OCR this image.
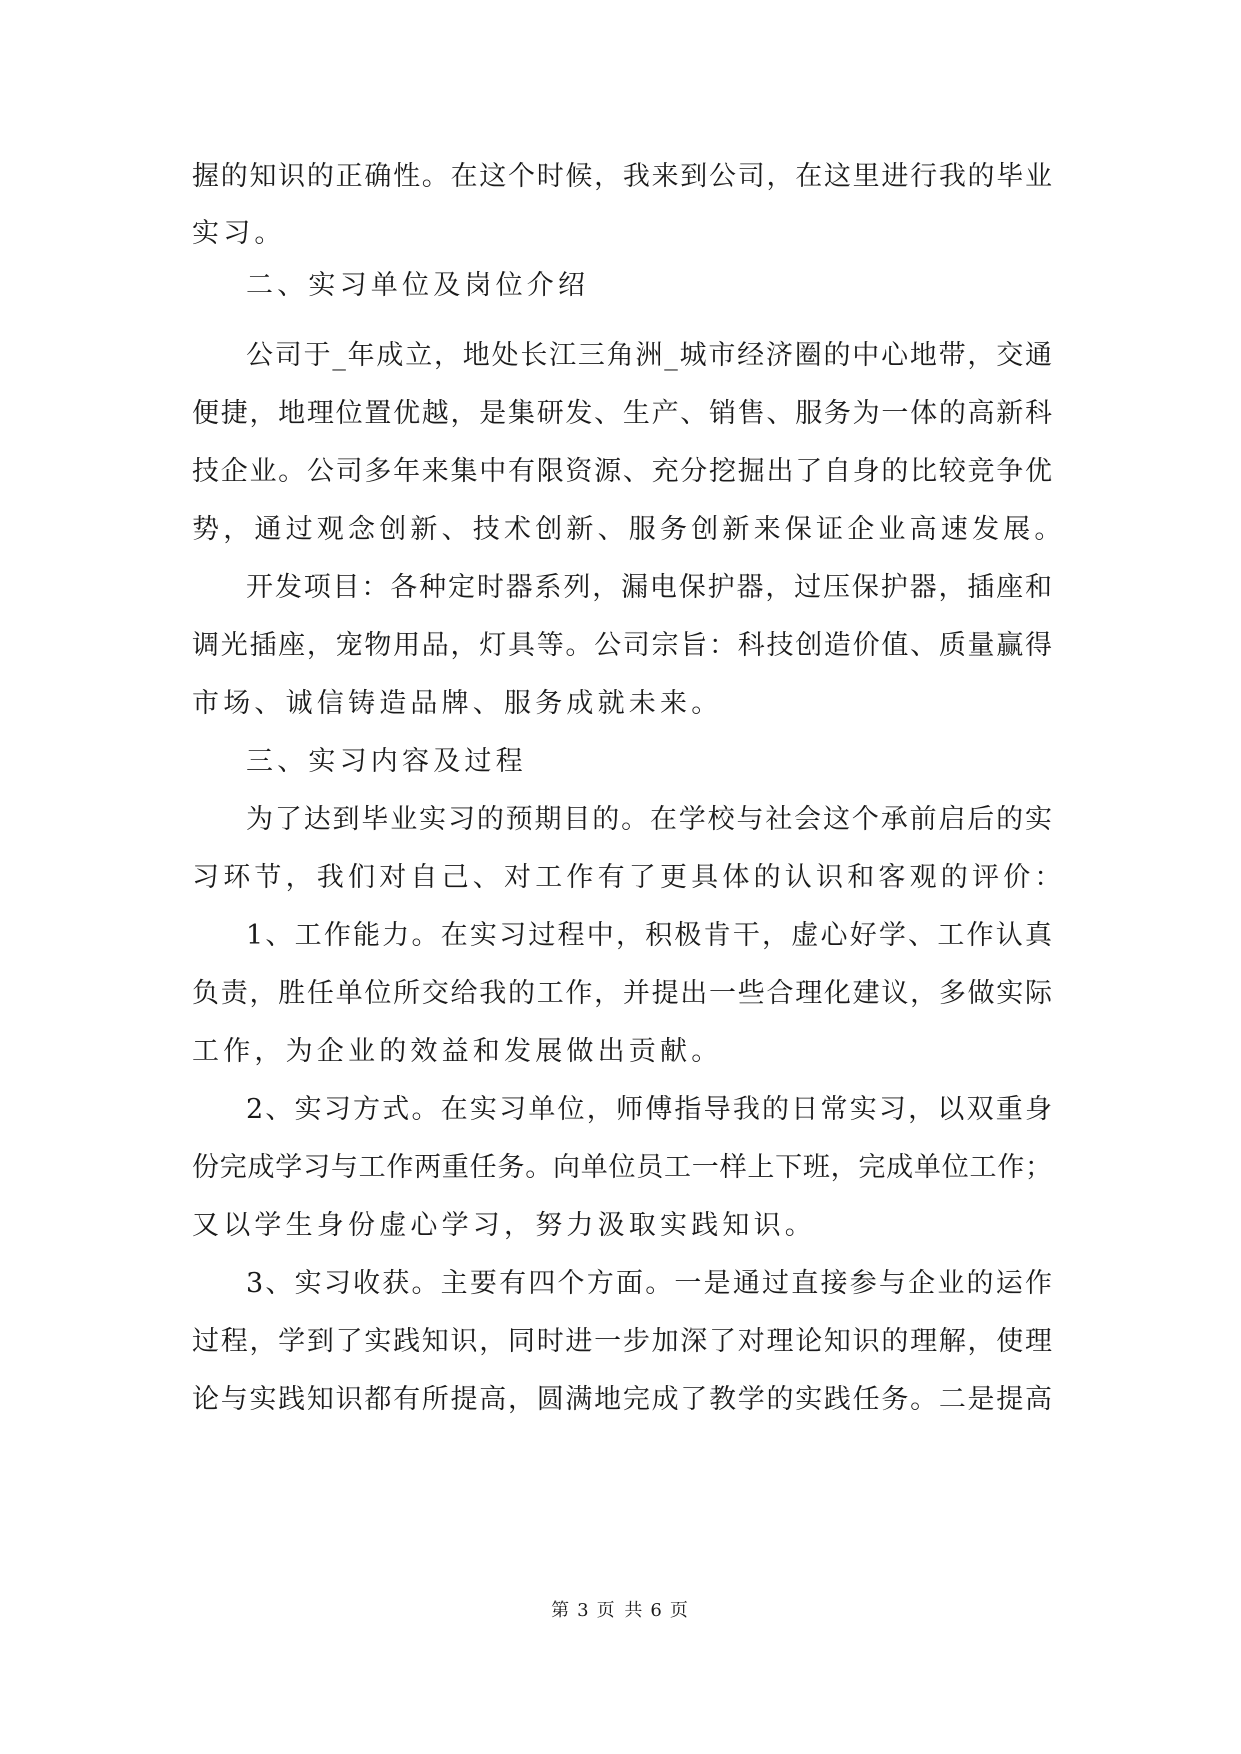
握的知识的正确性。在这个时候，我来到公司，在这里进行我的毕业
实习。
二、实习单位及岗位介绍
公司于_年成立，地处长江三角洲_城市经济圈的中心地带，交通
便捷，地理位置优越，是集研发、生产、销售、服务为一体的高新科
技企业。公司多年来集中有限资源、充分挖掘出了自身的比较竞争优
势，通过观念创新、技术创新、服务创新来保证企业高速发展。
开发项目：各种定时器系列，漏电保护器，过压保护器，插座和
调光插座，宠物用品，灯具等。公司宗旨：科技创造价值、质量赢得
市场、诚信铸造品牌、服务成就未来。
三、实习内容及过程
为了达到毕业实习的预期目的。在学校与社会这个承前启后的实
习环节，我们对自己、对工作有了更具体的认识和客观的评价：
1、工作能力。在实习过程中，积极肯干，虚心好学、工作认真
负责，胜任单位所交给我的工作，并提出一些合理化建议，多做实际
工作，为企业的效益和发展做出贡献。
2、实习方式。在实习单位，师傅指导我的日常实习，以双重身
份完成学习与工作两重任务。向单位员工一样上下班，完成单位工作；
又以学生身份虚心学习，努力汲取实践知识。
3、实习收获。主要有四个方面。一是通过直接参与企业的运作
过程，学到了实践知识，同时进一步加深了对理论知识的理解，使理
论与实践知识都有所提高，圆满地完成了教学的实践任务。二是提高
第 3 页 共 6 页
